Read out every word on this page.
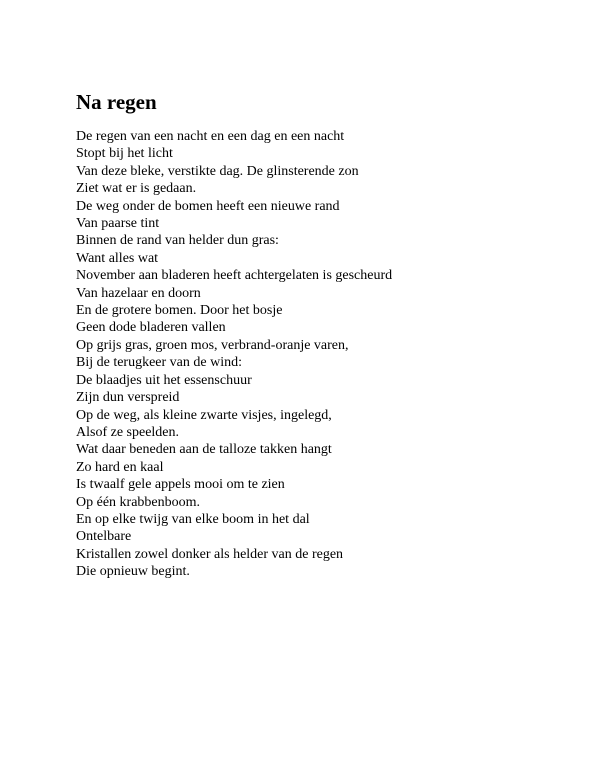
Na regen
De regen van een nacht en een dag en een nacht
Stopt bij het licht
Van deze bleke, verstikte dag. De glinsterende zon
Ziet wat er is gedaan.
De weg onder de bomen heeft een nieuwe rand
Van paarse tint
Binnen de rand van helder dun gras:
Want alles wat
November aan bladeren heeft achtergelaten is gescheurd
Van hazelaar en doorn
En de grotere bomen. Door het bosje
Geen dode bladeren vallen
Op grijs gras, groen mos, verbrand-oranje varen,
Bij de terugkeer van de wind:
De blaadjes uit het essenschuur
Zijn dun verspreid
Op de weg, als kleine zwarte visjes, ingelegd,
Alsof ze speelden.
Wat daar beneden aan de talloze takken hangt
Zo hard en kaal
Is twaalf gele appels mooi om te zien
Op één krabbenboom.
En op elke twijg van elke boom in het dal
Ontelbare
Kristallen zowel donker als helder van de regen
Die opnieuw begint.
